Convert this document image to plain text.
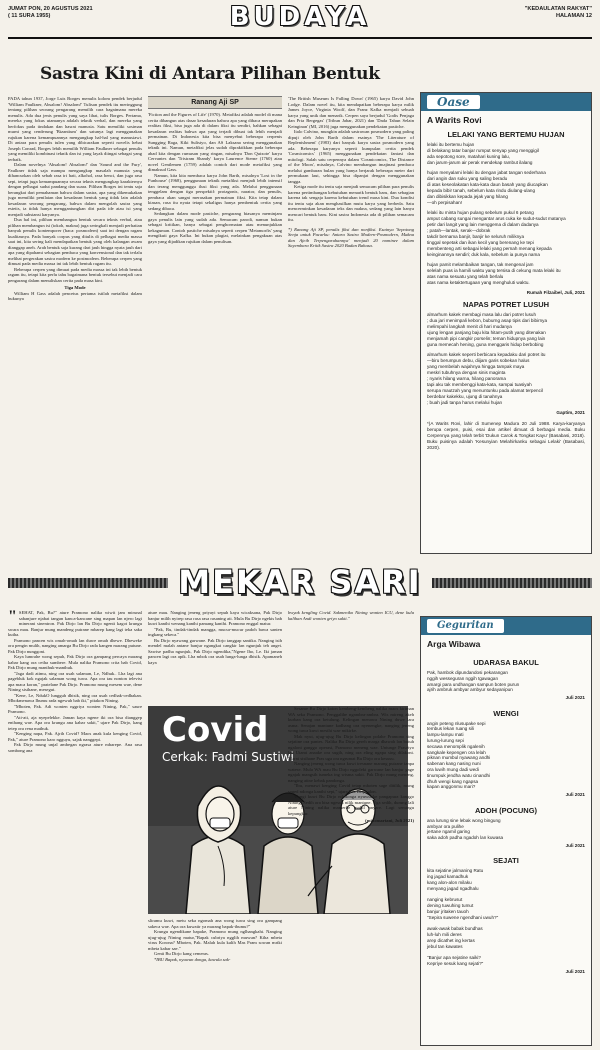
JUMAT PON, 20 AGUSTUS 2021
( 11 SURA 1955)	BUDAYA	"KEDAULATAN RAKYAT"
HALAMAN 12
Sastra Kini di Antara Pilihan Bentuk

PADA tahun 1937, Jorge Luis Borges menulis kolom pendek berjudul 'William Faulkner, Absalom! Absalom!' Tulisan pendek itu meringgung tentang pilihan seorang pengarang memilih cara bagaimana mereka menulis. Ada dua jenis penulis yang saya lihat, tulis Borges. Pertama, mereka yang fokus utamanya adalah teknik verbal, dan mereka yang berfokus pada tindakan dan hasrat manusia. Satu memiliki sosiman murni yang cenderung 'Bizantium' dan satunya lagi menggunakan rujukan karena kemampuannya mengungkap hal-hal yang manusiawi. Di antara para penulis tulen yang dibicarakan seperti novelis hebat Joseph Conrad, Borges lebih memilih William Faulkner sebagai penulis yang memiliki kombinasi teknik dan isi yang layak diingat sebagai yang terbaik.

Dalam novelnya 'Absalom! Absalom!' dan 'Sound and the Fury', Faulkner tidak saja mampu mengungkap masalah manusia yang dihancurkan oleh sebab rasa iri hati, alkohol, rasa benci, dan juga rasa sepi, tetapi juga kemampuannya secara teknis mengungkap karakternya dengan pelbagai sudut pandang dan suara. Pilihan Borges ini tentu saja berangkat dari pemahaman bahwa dalam sastra, apa yang dikemukakan juga memiliki penilaian dan kesadaran bentuk yang tidak lain adalah kesadaran seorang pengarang, bahwa dalam mengolah sastra yang estetis, ia tidak hanya menggantungkan diri pada ide atau isi yang menjadi substansi karyanya.

Dua hal ini, pilihan membangun bentuk secara teknis verbal, atau pilihan membangun isi (tokoh, makna) juga seringkali menjadi perhatian banyak penulis kontemporer (baca: posmodern) saat ini dengan ragam kualitasnya. Pada banyak corpus yang ditulis di pelbagai media massa saat ini, kita sering kali mendapatkan bentuk yang oleh kalangan awam dianggap aneh. Arah bentuk saja kurang dari jauh hingga nyata jauh dari apa yang dipahami sebagian pembaca yang konvensional dan tak terlalu melihat pergerakan sastra modern ke postmodern. Beberapa cerpen yang dimuat pada media massa ini tak lebih bentuk ragam itu.

Beberapa cerpen yang dimuat pada media massa ini tak lebih bentuk ragam itu, tetapi kita perlu tahu bagaimana bentuk tersebut menjadi cara pengarang dalam menuliskan cerita pada masa kini.

Tiga Mode

William H Gass adalah pencetus pertama istilah metafiksi dalam bukunya

Ranang Aji SP

'Fiction and the Figures of Life' (1970). Metafiksi adalah model di mana cerita dibangun atas dasar kesadaran bahwa apa yang dibaca merupakan realitas fiksi, bisa juga ada di dalam fiksi itu sendiri, bahkan sebagai kesadaran realitas bahwa apa yang terjadi dibuat tak lebih menjadi permainan. Di Indonesia kita bisa menyebut beberapa cerpenis Sungging Raga, Kiki Sulistyo, dan AS Laksana sering menggunakan teknik ini. Namun, metafiksi jelas sudah dipraktikkan pada beberapa abad kita dengan rumusan yang ringan, misalnya 'Don Quixote' karya Cervantes dan 'Tristram Shandy' karya Laurence Sterne (1760) atau novel Gentlemen (1759) adalah contoh dari mode metafiksi yang dimaksud Gass.

Namun, kita kita membaca karya John Barth, misalnya 'Lost in the Funhouse' (1968), penggunaan teknik metafiksi menjadi lebih intensif dan terang menggunggu ilusi fiksi yang ada. Melalui penggunaan tenggelam dengan tiga perspektif: protagonis, narator, dan penulis, pembaca akan sangat merasakan permainan fiksi. Kita tetap dalam kiasan, rasa itu nyata tetapi sekaligus hanya pembentuk cerita yang sedang dibaca.

Sedangkan dalam mode pastiche, pengarang biasanya meminjam gaya penulis lain yang sudah ada. Semacam parodi, namun bukan sebagai kritikan, hanya sebagai penghormatan atau menunjukkan kekaguman. Contoh pastiche misalnya seperti cerpen 'Metamorfis' yang mengikuti gaya Kafka. Ini bukan plagiat, melainkan pengakuan atas gaya yang dijadikan rujukan dalam penulisan.

'The British Museum Is Falling Down' (1965) karya David John Lodge. Dalam novel itu, kita mendapatkan beberapa karya milik James Joyce, Virginia Woolf, dan Franz Kafka menjadi sebuah karya yang unik dan menarik. Cerpen saya berjudul 'Godis Penjaga dan Pria Bergegas' (Tribun Jabar, 2021) dan 'Dada Tahun Selain Keinginan' (MI, 2016) juga menggunakan pendekatan pastiche.

Italo Calvino, mungkin adalah sastrawan posmodern yang paling dipuji oleh John Barth dalam esainya 'The Literature of Replenishment' (1983) dari banyak karya sastra posmodern yang ada. Beberapa karyanya seperti kumpulan cerita pendek 'Cosmicomics' (1965) menggunakan pendekatan fantasi dan mitologi. Salah satu cerpennya dalam 'Cosmicomics, The Distance of the Moon', misalnya, Calvino membangun imajinasi pembaca melalui gambaran bulan yang hanya berjarak beberapa meter dari permukaan laut, sehingga bisa dipanjat dengan menggunakan tangga.

Ketiga mode itu tentu saja menjadi semacam pilihan para penulis karena pertimbangan kebutuhan menarik bentuk baru, dan sebagian karena tak sengaja karena kebutuhan trend masa kini. Dua kondisi itu tentu saja akan menghasilkan mutu karya yang berbeda. Satu mencerminkan kesadaran teks dan makna, sedang yang lain hanya mencari bentuk baru. Kini sastra Indonesia ada di pilihan semacam itu.

*) Ranang Aji SP, penulis fiksi dan nonfiksi. Esainya 'Sepotong Senja untuk Pacarku: Antara Sastra Modern-Posmodern, Makna dan Ajeib Terpengaruhannya' menjadi 20 nominee dalam Sayembara Kritik Sastra 2020 Badan Bahasa.

Oase
A Warits Rovi
LELAKI YANG BERTEMU HUJAN

lelaki itu bertemu hujan
di belakang tatar banjar rumput senyap yang menggigil
ada sepotong sore, matahari kuning lalu,
dan jarum-jarum air perak mendekap rambut ilalang

hujan menyalami lelaki itu dengan jabat tangan sederhana
dari angin dan suku yang saling beradu
di atas keseolakatan kata-kata daun basah yang diucapkan
kepada bibir tanah, sebelum kata rindu diulang-ulang
dan dibisikkan kepada jejak yang hilang
—oh perpisahan!

lelaki itu minta hujan pulang sebelum pukul 6 petang
amput cabang sungai mengantar arus cuka ke sudut-sudut matanya
petir dari langit yang lain menggema di dalam dadanya
; patah—lantak, serak—dobrak
takdir bernama banjir, banjir ke seluruh miliknya
tinggal sepetak dan ikan kecil yang berenang ke tepi
membenteng arti sebagai lelaki yang pernah menang kepada
keinginannya sendiri; duk kala, sebelum ia punya nama

hujan pamit melambaikan tangan, tak mengenal jam
selelah puas ia hamili waktu yang tersisa di cekung mata lelaki itu
atas nama sesuatu yang telah berlalu
atas nama ketaktertugaan yang menghuluti waktu.

Rumah Filzaibel, Juli, 2021
NAPAS POTRET LUSUH

almarhum kakek membagi masa lalu dari potret lusuh
; dua jari menimpali kebon, buburng asap tipis dari bibirnya
melimpahi langkah menit di hari mudanya
ujung lengan panjang baju kita hitam-putih yang ditenakan
menjamah pipi cangkir porselin; teman hidupnya yang lain
guna memecah hening, guna menggaris hidup berbobing

almarhum kakek seperti berbicara kepadaku dari potret itu
—biru berumpun debu, diijam garis sobekan halus
yang membelah wajahnya hingga tampak maya
meskri tubuhnya dengan sinis maginta
; nyaris hilang warna, hilang panorama
tapi aku tak membenggi kata-kata, sampai tuasiyah
serupa mautzah yang menuntunku pada alamat terpencil
berdebar kakekku, ujung di tanahnya
; buah jadi tanpa harus melalui hujan

Gaptim, 2021
*)A Warits Rovi, lahir di Sumenep Madura 20 Juli 1988. Karya-karyanya berupa cerpen, puisi, esai dan artikel dimuat di berbagai media. Buku Cerpennya yang telah terbit 'Dukun Carok & Tongkat Kayu' (Basabasi, 2018). Buku puisinya adalah 'Kesunyian Melahirkanku sebagai Lelaki' (Basabasi, 2020).
MEKAR SARI

" SEHAT, Pak, Bu?" ature Pramono nalika wiwit jam mirunal sabanjure njabat tangan kanca-kancane sing mapan lan njero lagi minerani sinentron. Pak Dirjo lan Bu Dirjo ngenti kagot krungu swara mau. Banjur mung mandeng putrane mbarep kang lagi teka saka kutha.

Pramono pancen wis omah-omah lan duwe omah dhewe. Dheweke ora pengin mulih, nanging amarga Bu Dirjo rada kangen marang putune. Pak Dirjo nunggoni.

Kaya lumrahe wong sepuh, Pak Dirjo ora gampang percaya marang kabar kang ora cetha sumbere. Mula nalika Pramono crita bab Covid, Pak Dirjo mung manthuk-manthuk.

"Jaga dadi atimu, ning ora usah salaman, Le, Ndhuk.. Lha lagi ana pagebluk kok ngajak salaman wong tuwa. Apa ora tau nonton televisi apa maca koran," pratelane Pak Dirjo. Pramono mung mesem wae, dene Nining sisihane, mesegut.

"Kene, Le, NdukO lungguh dhisik, ning ora usah cedhak-cedhakan. Mbokmenawa Ibumu rada ngewuh bab iki," pitakon Nining.

"Mboten, Pak. Adi wonten nggriya wonten Nining, Pak," saure Pramono.

"Ati-ati, aja nyepelekke. Jaman kaya ngene iki ora bisa dianggep enthang wae. Apa ora krungu ana kabar sakit," ujare Pak Dirjo, kang tetep ora rena mathuk.

"Kenging napa, Pak. Ajrih Covid? Maos anak kula kenging Covid, Pak," ature Pramono karo ngguyu, sajak nanggepi.

Pak Dirjo mung unjal ambegan ngrasa ature mbarepe. Ana rasa sombong ana

ature mau. Nanging jeneng priyayi sepuh kaya wicaksana, Pak Dirjo banjur milih nyirep rasa rasa rasa rasaning ati. Mula Bu Dirjo ngekis bab kuwi kanthi wenang kanthi pamang kanthi. Pramono enggal matur.

"Pak, Bu, tindak-tindak mangga, mucur-mucur padoh bawa santen ingkang sekeca."

Bu Dirjo nyawang garwane. Pak Dirjo tanggap santika. Nanging isih mendel malah antane banjur ngangkat cangkir lan ngunjuk teh anget. Sawise padha ngunjuk, Pak Dirjo ngendika,"Ngene Iho, Le. Iki jaman pancen lagi ora apik. Lha mbok ora usah lunga-lunga dhisik. Apamaneh kaya

bwyak kengling Covid. Sakmeniko Nining wonten ICU, dene kula kalihan Andi wonten griyo sakit."

Covid
Cerkak: Fadmi Sustiwi

sliramu kuwi, metu seka ngomah ana wong tuwa sing ora gampang sakeca wae. Apa ora kuwatir ya marang bapak-ibumu?"

Krungu ngendikane bapake, Pramono mung nglhangkahi. Nanging ujug-ujug Nining matur,"Bapak cubriya ngglih muwun? Kiha mbeta virus Korona? Mboten, Pak. Malah kula kalih Mas Pram sowan mriki mbeta kabar sae."

Genti Bu Dirjo kang cemeras.

*IBU Bapak, nyuwun donga, kawula sak-

Sesame Bu Dirjo katon kembeng-kembeng nalika maos kiriman WA seka Pramono. Penggalihe ngambra-ambra. Wis mireng akeh kurban kang ora ketulung. Kelingan menawa Nining duwe lara asma. Senajan mantune kadhang ora nyenengke, nanging jeneng wong tuwa kuwi mesthi wae mikirke.

Mak nyut, ujug-ujug Bu Dirjo kelingan polahe Pramono sing sejatine ora pantes. Nalika Bu Dirjo gereh marga dhawah lan butuh ngaloni ganggo operasi, Pramono meneng wae. Untunge Prasetyo lan Utami anaake ora sugih, ning ora eling ngapa sing dilakoni. Marni sisihane Pras uga ora ngrumat Bu Dirjo ora kesusu.

Nanging jeneng wong tuwa kuwi tresnane marang putrane tanpa watese. Mula WA mau Bu Dirjo nggoleki garwane lan banjur gage ngajak mangsih tumeka ing wisma sakit. Pak Dirjo mung meneng, nanging atine kebak pandonga.

"Ibu, menawi kenging Covid tetap mboten sage ditilik, mung saged ndonga kanthi sepi," ujare Pak Dirjo alon.

Wengi kuwi Bu Dirjo ndedonga nyuwunke pangapura kanggo Nining. Sedih ora bisa ngesuk nilik mantune. Uga sedih, durung lali ature Nining nalika mamerke mobil anyare. Lagi semingu kepungkur.

(minomartani, Juli 2021)

Geguritan
Arga Wibawa
UDARASA BAKUL
Pak, hambok dipundandosi pekarangan
nggih wesseguran nggih tgawagan
amargi para undhangan sampun boten purun
ajrih ambruk ambyar ambyur sedayanipun
Juli 2021
WENGI
angin peteng nlusupake sepi
tembus lekan ruang sili
lampu-lampu mati
lurung-lurung sepi
secawa menomplik ngalenih
sangkale kepengen ora lelah
piknan mumbul nyawang andhi
sabenan kang nasing nuni
ora luwih mung dadi wedi
tinumpuk jendha watu cinandhi
dhuh wengi kang ngapsa
kapan anggonmu mari?
Juli 2021
ADOH (POCUNG)
ana lurung sine lebak wong bingung
ambyar ora pulihe
jertane ngamil garing
saka adoh padha ngadoh lan kuwasa
Juli 2021
SEJATI
kita sejatine jalmaning Ratu
ing jagad kamadhuk
kang alon-alon milaku
menyang jagad ngadhalu

nanging kebrusut
dening tuwuhing tumut
banjur jritaken tauoh
"Sepira suwene ngendhani uwuh?"

awak-awak babak bundhas
luh-luh mili deres
arep dicathet ing kertas
jebul tan kawates

"Banjur apa sejatine saiki?
Kepriye sesuk kang sejati?"
Juli 2021
